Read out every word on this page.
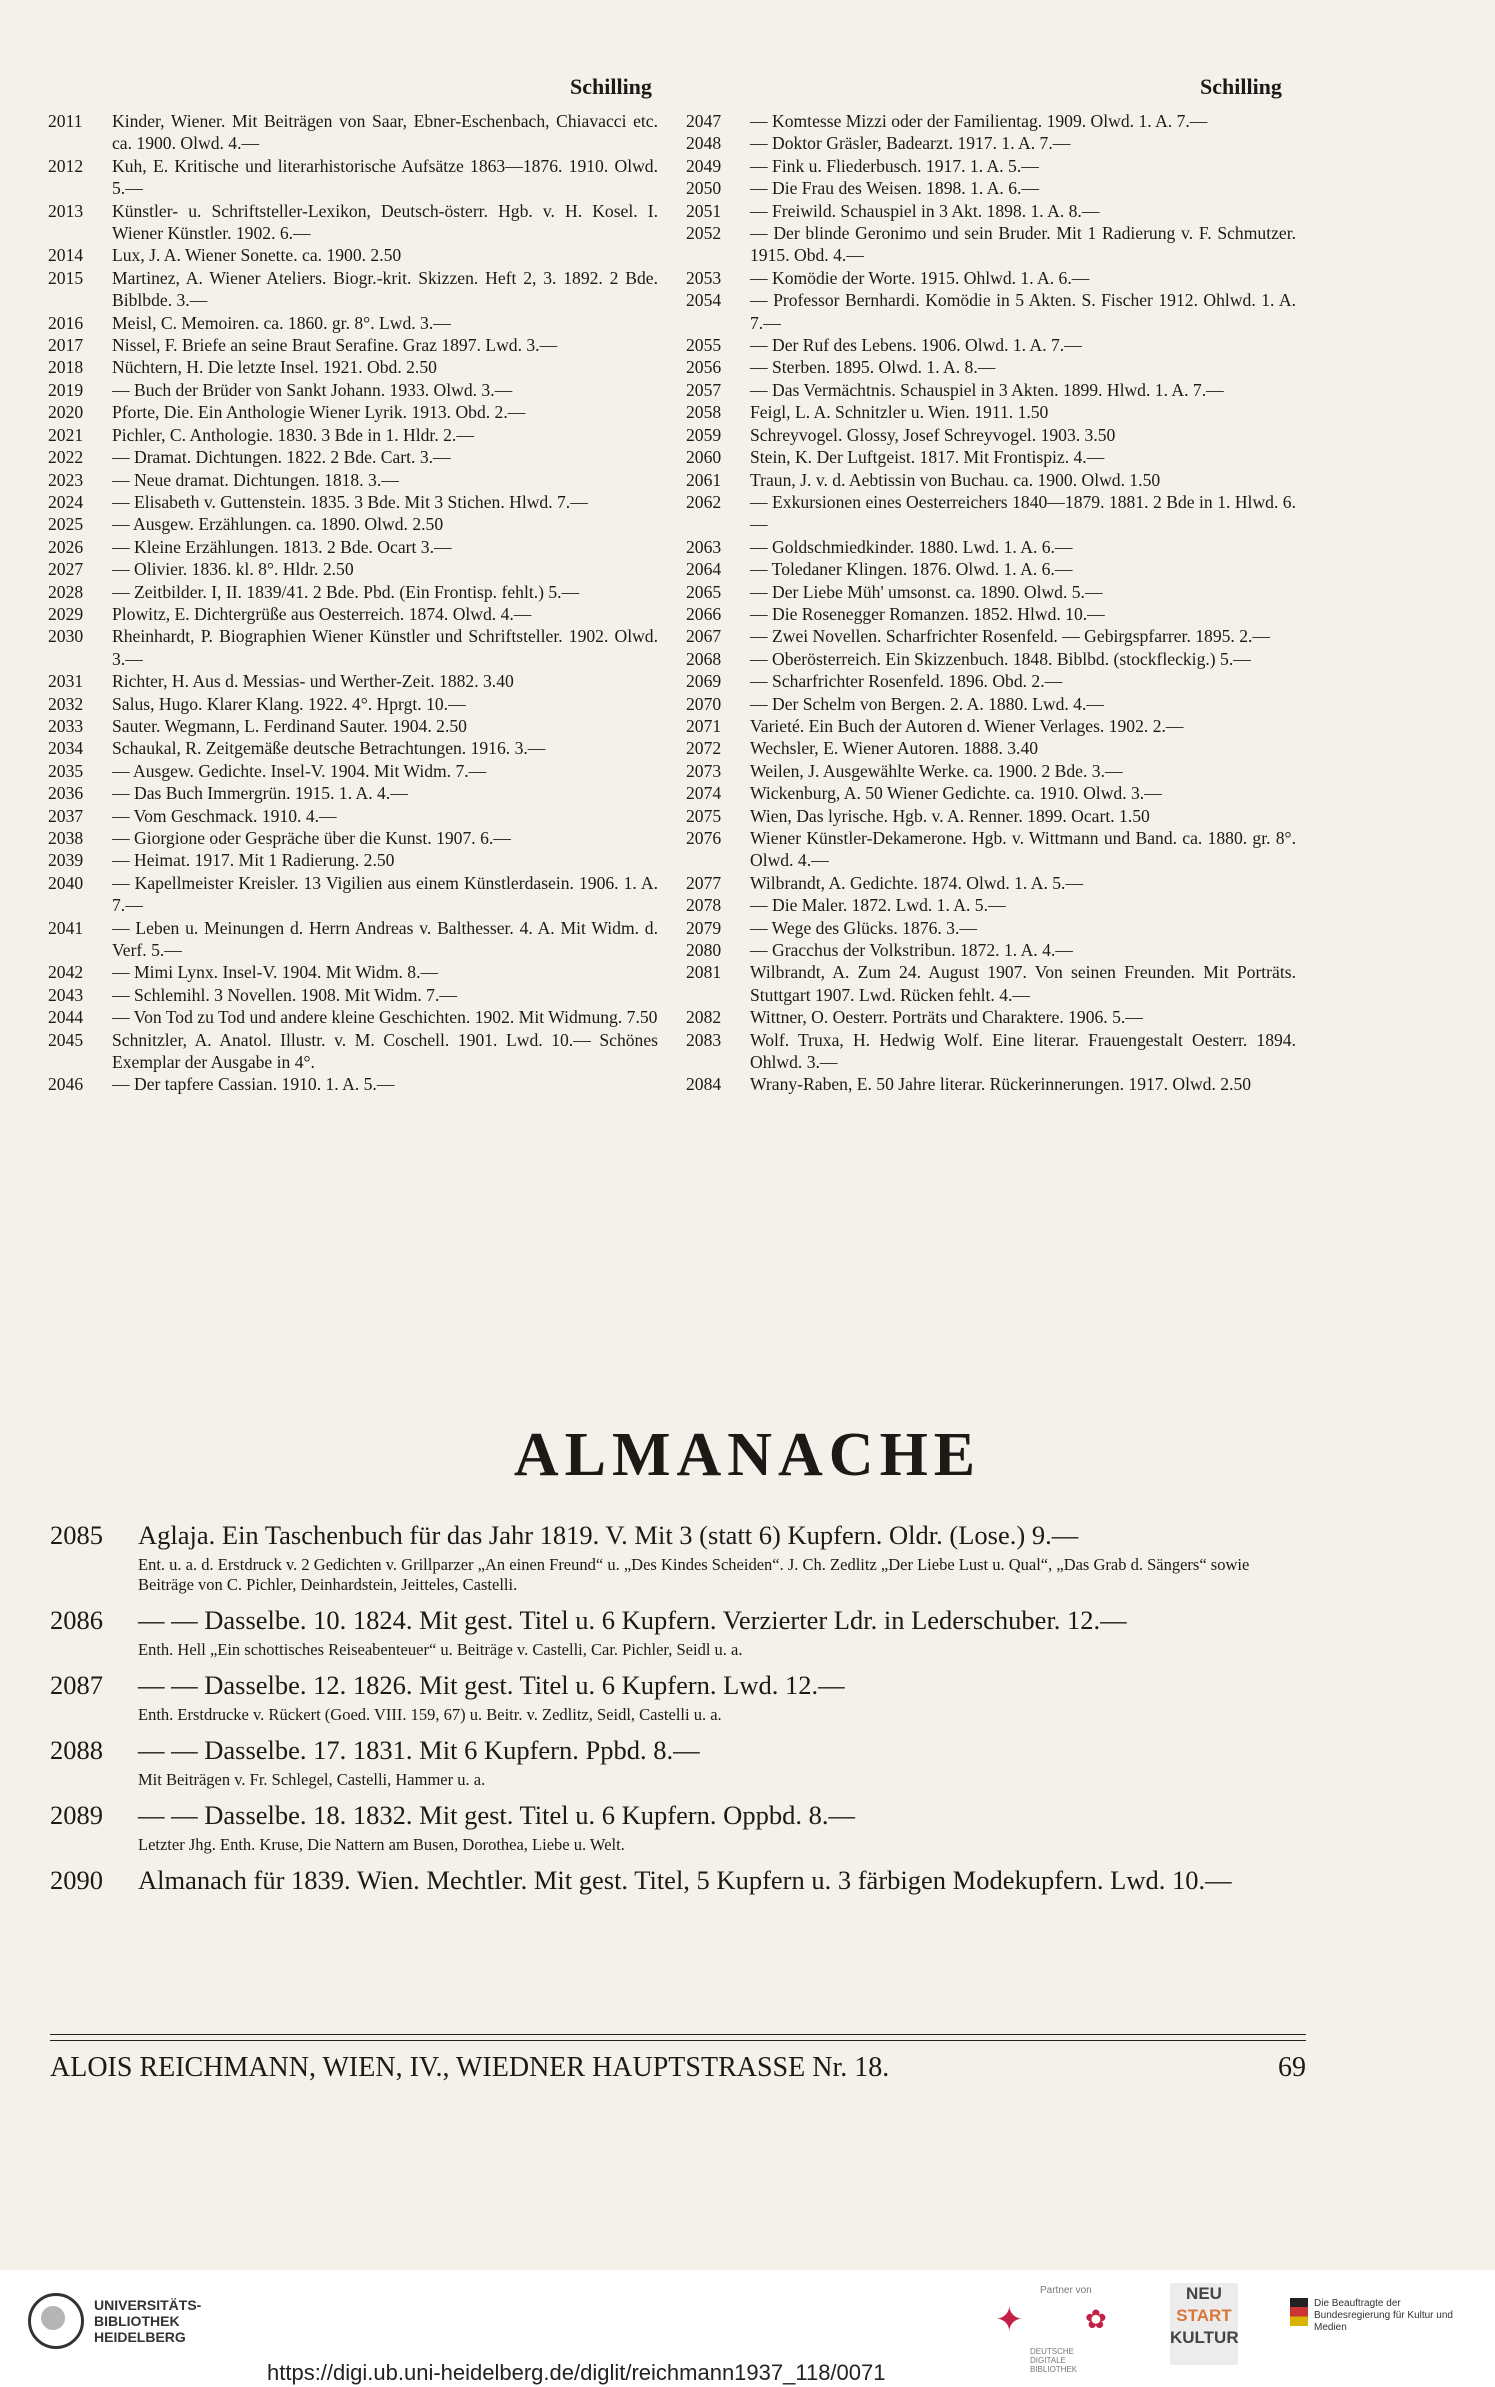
Schilling	Schilling
2011	Kinder, Wiener. Mit Beiträgen von Saar, Ebner-Eschenbach, Chiavacci etc. ca. 1900. Olwd. 4.—
2012	Kuh, E. Kritische und literarhistorische Aufsätze 1863—1876. 1910. Olwd. 5.—
2013	Künstler- u. Schriftsteller-Lexikon, Deutsch-österr. Hgb. v. H. Kosel. I. Wiener Künstler. 1902. 6.—
2014	Lux, J. A. Wiener Sonette. ca. 1900. 2.50
2015	Martinez, A. Wiener Ateliers. Biogr.-krit. Skizzen. Heft 2, 3. 1892. 2 Bde. Biblbde. 3.—
2016	Meisl, C. Memoiren. ca. 1860. gr. 8°. Lwd. 3.—
2017	Nissel, F. Briefe an seine Braut Serafine. Graz 1897. Lwd. 3.—
2018	Nüchtern, H. Die letzte Insel. 1921. Obd. 2.50
2019	— Buch der Brüder von Sankt Johann. 1933. Olwd. 3.—
2020	Pforte, Die. Ein Anthologie Wiener Lyrik. 1913. Obd. 2.—
2021	Pichler, C. Anthologie. 1830. 3 Bde in 1. Hldr. 2.—
2022	— Dramat. Dichtungen. 1822. 2 Bde. Cart. 3.—
2023	— Neue dramat. Dichtungen. 1818. 3.—
2024	— Elisabeth v. Guttenstein. 1835. 3 Bde. Mit 3 Stichen. Hlwd. 7.—
2025	— Ausgew. Erzählungen. ca. 1890. Olwd. 2.50
2026	— Kleine Erzählungen. 1813. 2 Bde. Ocart 3.—
2027	— Olivier. 1836. kl. 8°. Hldr. 2.50
2028	— Zeitbilder. I, II. 1839/41. 2 Bde. Pbd. (Ein Frontisp. fehlt.) 5.—
2029	Plowitz, E. Dichtergrüße aus Oesterreich. 1874. Olwd. 4.—
2030	Rheinhardt, P. Biographien Wiener Künstler und Schriftsteller. 1902. Olwd. 3.—
2031	Richter, H. Aus d. Messias- und Werther-Zeit. 1882. 3.40
2032	Salus, Hugo. Klarer Klang. 1922. 4°. Hprgt. 10.—
2033	Sauter. Wegmann, L. Ferdinand Sauter. 1904. 2.50
2034	Schaukal, R. Zeitgemäße deutsche Betrachtungen. 1916. 3.—
2035	— Ausgew. Gedichte. Insel-V. 1904. Mit Widm. 7.—
2036	— Das Buch Immergrün. 1915. 1. A. 4.—
2037	— Vom Geschmack. 1910. 4.—
2038	— Giorgione oder Gespräche über die Kunst. 1907. 6.—
2039	— Heimat. 1917. Mit 1 Radierung. 2.50
2040	— Kapellmeister Kreisler. 13 Vigilien aus einem Künstlerdasein. 1906. 1. A. 7.—
2041	— Leben u. Meinungen d. Herrn Andreas v. Balthesser. 4. A. Mit Widm. d. Verf. 5.—
2042	— Mimi Lynx. Insel-V. 1904. Mit Widm. 8.—
2043	— Schlemihl. 3 Novellen. 1908. Mit Widm. 7.—
2044	— Von Tod zu Tod und andere kleine Geschichten. 1902. Mit Widmung. 7.50
2045	Schnitzler, A. Anatol. Illustr. v. M. Coschell. 1901. Lwd. 10.— Schönes Exemplar der Ausgabe in 4°.
2046	— Der tapfere Cassian. 1910. 1. A. 5.—
2047	— Komtesse Mizzi oder der Familientag. 1909. Olwd. 1. A. 7.—
2048	— Doktor Gräsler, Badearzt. 1917. 1. A. 7.—
2049	— Fink u. Fliederbusch. 1917. 1. A. 5.—
2050	— Die Frau des Weisen. 1898. 1. A. 6.—
2051	— Freiwild. Schauspiel in 3 Akt. 1898. 1. A. 8.—
2052	— Der blinde Geronimo und sein Bruder. Mit 1 Radierung v. F. Schmutzer. 1915. Obd. 4.—
2053	— Komödie der Worte. 1915. Ohlwd. 1. A. 6.—
2054	— Professor Bernhardi. Komödie in 5 Akten. S. Fischer 1912. Ohlwd. 1. A. 7.—
2055	— Der Ruf des Lebens. 1906. Olwd. 1. A. 7.—
2056	— Sterben. 1895. Olwd. 1. A. 8.—
2057	— Das Vermächtnis. Schauspiel in 3 Akten. 1899. Hlwd. 1. A. 7.—
2058	Feigl, L. A. Schnitzler u. Wien. 1911. 1.50
2059	Schreyvogel. Glossy, Josef Schreyvogel. 1903. 3.50
2060	Stein, K. Der Luftgeist. 1817. Mit Frontispiz. 4.—
2061	Traun, J. v. d. Aebtissin von Buchau. ca. 1900. Olwd. 1.50
2062	— Exkursionen eines Oesterreichers 1840—1879. 1881. 2 Bde in 1. Hlwd. 6.—
2063	— Goldschmiedkinder. 1880. Lwd. 1. A. 6.—
2064	— Toledaner Klingen. 1876. Olwd. 1. A. 6.—
2065	— Der Liebe Müh' umsonst. ca. 1890. Olwd. 5.—
2066	— Die Rosenegger Romanzen. 1852. Hlwd. 10.—
2067	— Zwei Novellen. Scharfrichter Rosenfeld. — Gebirgspfarrer. 1895. 2.—
2068	— Oberösterreich. Ein Skizzenbuch. 1848. Biblbd. (stockfleckig.) 5.—
2069	— Scharfrichter Rosenfeld. 1896. Obd. 2.—
2070	— Der Schelm von Bergen. 2. A. 1880. Lwd. 4.—
2071	Varieté. Ein Buch der Autoren d. Wiener Verlages. 1902. 2.—
2072	Wechsler, E. Wiener Autoren. 1888. 3.40
2073	Weilen, J. Ausgewählte Werke. ca. 1900. 2 Bde. 3.—
2074	Wickenburg, A. 50 Wiener Gedichte. ca. 1910. Olwd. 3.—
2075	Wien, Das lyrische. Hgb. v. A. Renner. 1899. Ocart. 1.50
2076	Wiener Künstler-Dekamerone. Hgb. v. Wittmann und Band. ca. 1880. gr. 8°. Olwd. 4.—
2077	Wilbrandt, A. Gedichte. 1874. Olwd. 1. A. 5.—
2078	— Die Maler. 1872. Lwd. 1. A. 5.—
2079	— Wege des Glücks. 1876. 3.—
2080	— Gracchus der Volkstribun. 1872. 1. A. 4.—
2081	Wilbrandt, A. Zum 24. August 1907. Von seinen Freunden. Mit Porträts. Stuttgart 1907. Lwd. Rücken fehlt. 4.—
2082	Wittner, O. Oesterr. Porträts und Charaktere. 1906. 5.—
2083	Wolf. Truxa, H. Hedwig Wolf. Eine literar. Frauengestalt Oesterr. 1894. Ohlwd. 3.—
2084	Wrany-Raben, E. 50 Jahre literar. Rückerinnerungen. 1917. Olwd. 2.50
ALMANACHE
2085	Aglaja. Ein Taschenbuch für das Jahr 1819. V. Mit 3 (statt 6) Kupfern. Oldr. (Lose.) 9.—
Ent. u. a. d. Erstdruck v. 2 Gedichten v. Grillparzer „An einen Freund“ u. „Des Kindes Scheiden“. J. Ch. Zedlitz „Der Liebe Lust u. Qual“, „Das Grab d. Sängers“ sowie Beiträge von C. Pichler, Deinhardstein, Jeitteles, Castelli.
2086	— — Dasselbe. 10. 1824. Mit gest. Titel u. 6 Kupfern. Verzierter Ldr. in Lederschuber. 12.—
Enth. Hell „Ein schottisches Reiseabenteuer“ u. Beiträge v. Castelli, Car. Pichler, Seidl u. a.
2087	— — Dasselbe. 12. 1826. Mit gest. Titel u. 6 Kupfern. Lwd. 12.—
Enth. Erstdrucke v. Rückert (Goed. VIII. 159, 67) u. Beitr. v. Zedlitz, Seidl, Castelli u. a.
2088	— — Dasselbe. 17. 1831. Mit 6 Kupfern. Ppbd. 8.—
Mit Beiträgen v. Fr. Schlegel, Castelli, Hammer u. a.
2089	— — Dasselbe. 18. 1832. Mit gest. Titel u. 6 Kupfern. Oppbd. 8.—
Letzter Jhg. Enth. Kruse, Die Nattern am Busen, Dorothea, Liebe u. Welt.
2090	Almanach für 1839. Wien. Mechtler. Mit gest. Titel, 5 Kupfern u. 3 färbigen Modekupfern. Lwd. 10.—
ALOIS REICHMANN, WIEN, IV., WIEDNER HAUPTSTRASSE Nr. 18.	69
UNIVERSITÄTS-
BIBLIOTHEK
HEIDELBERG
Partner von
✦	✿
DEUTSCHE DIGITALE BIBLIOTHEK
NEU
START
KULTUR
Die Beauftragte der Bundesregierung für Kultur und Medien
https://digi.ub.uni-heidelberg.de/diglit/reichmann1937_118/0071
